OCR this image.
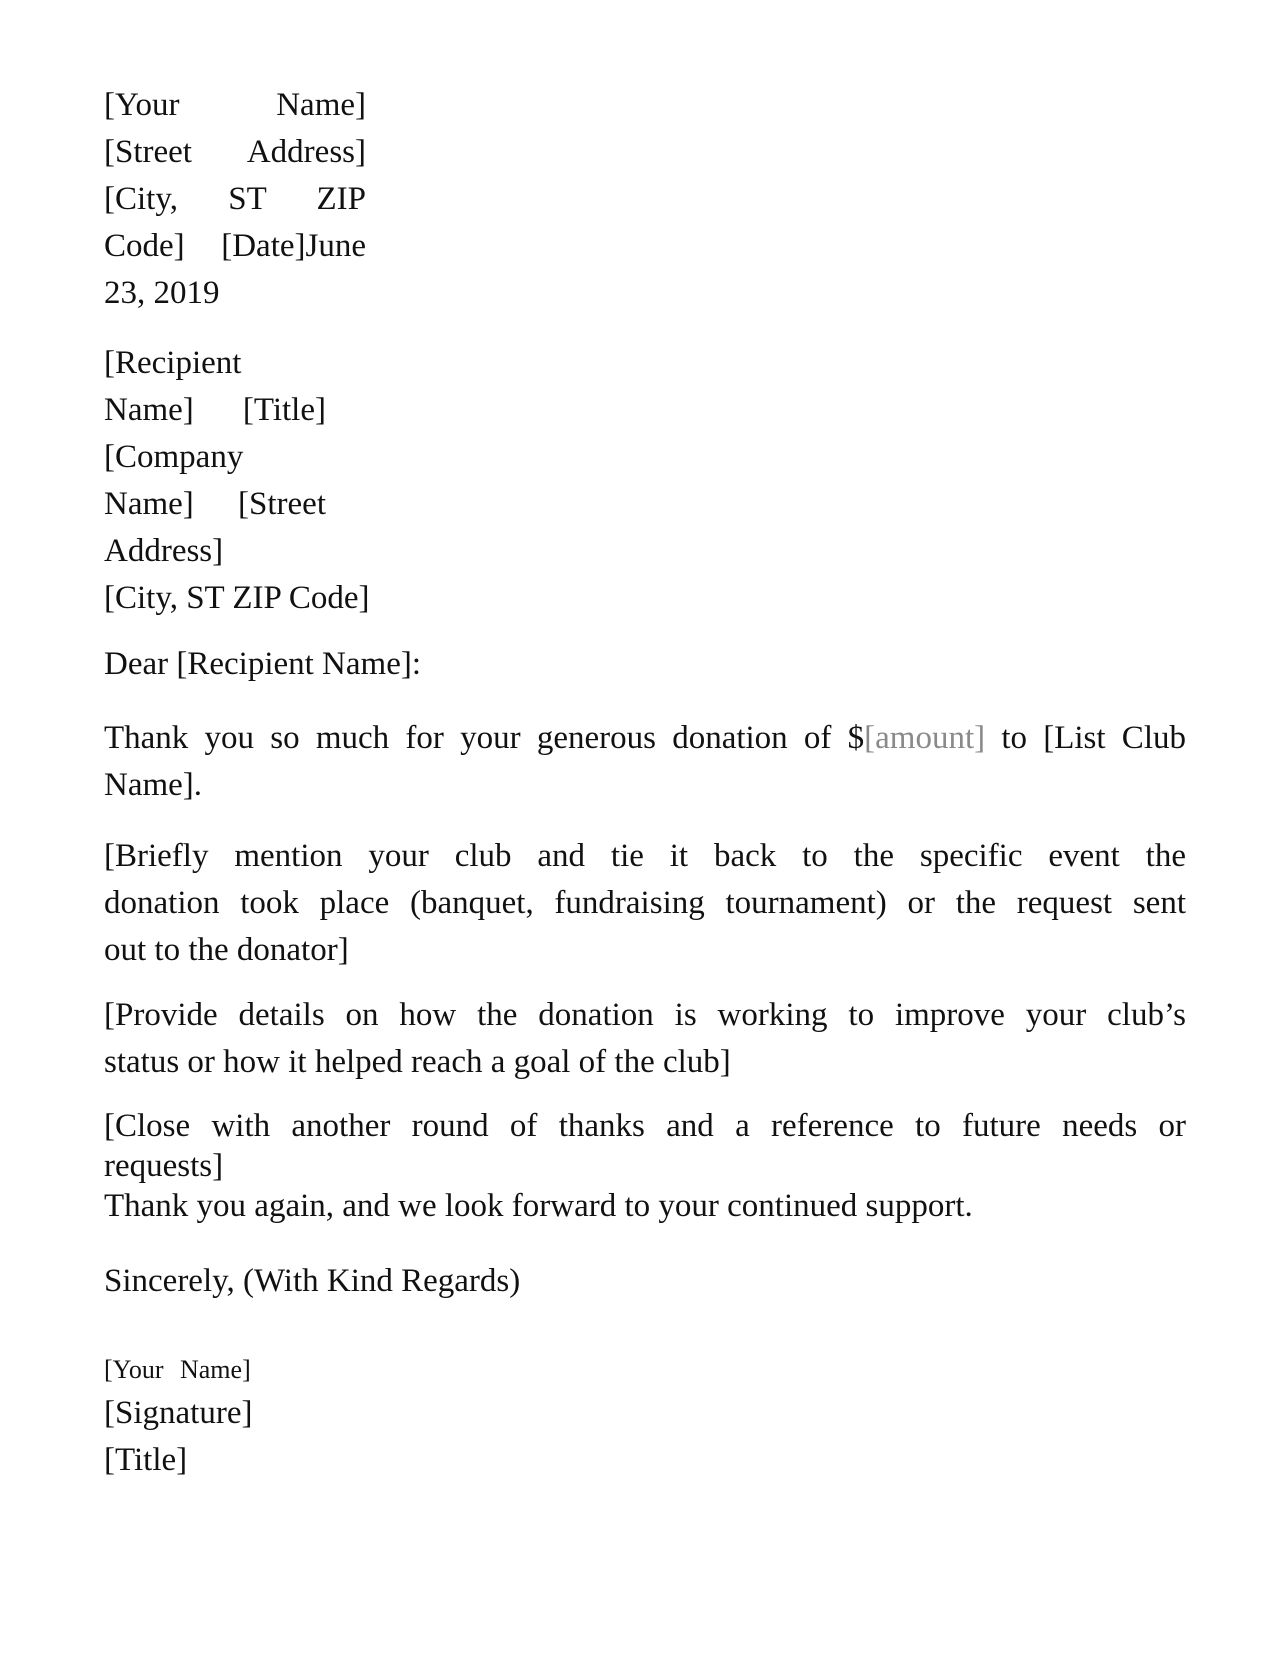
[Your Name]
[Street Address]
[City, ST ZIP
Code] [Date]June
23, 2019
[Recipient
Name] [Title]
[Company
Name] [Street
Address]
[City, ST ZIP Code]
Dear [Recipient Name]:
Thank you so much for your generous donation of $[amount] to [List Club
Name].
[Briefly mention your club and tie it back to the specific event the
donation took place (banquet, fundraising tournament) or the request sent
out to the donator]
[Provide details on how the donation is working to improve your club’s
status or how it helped reach a goal of the club]
[Close with another round of thanks and a reference to future needs or
requests]
Thank you again, and we look forward to your continued support.
Sincerely, (With Kind Regards)
[Your Name]
[Signature]
[Title]
